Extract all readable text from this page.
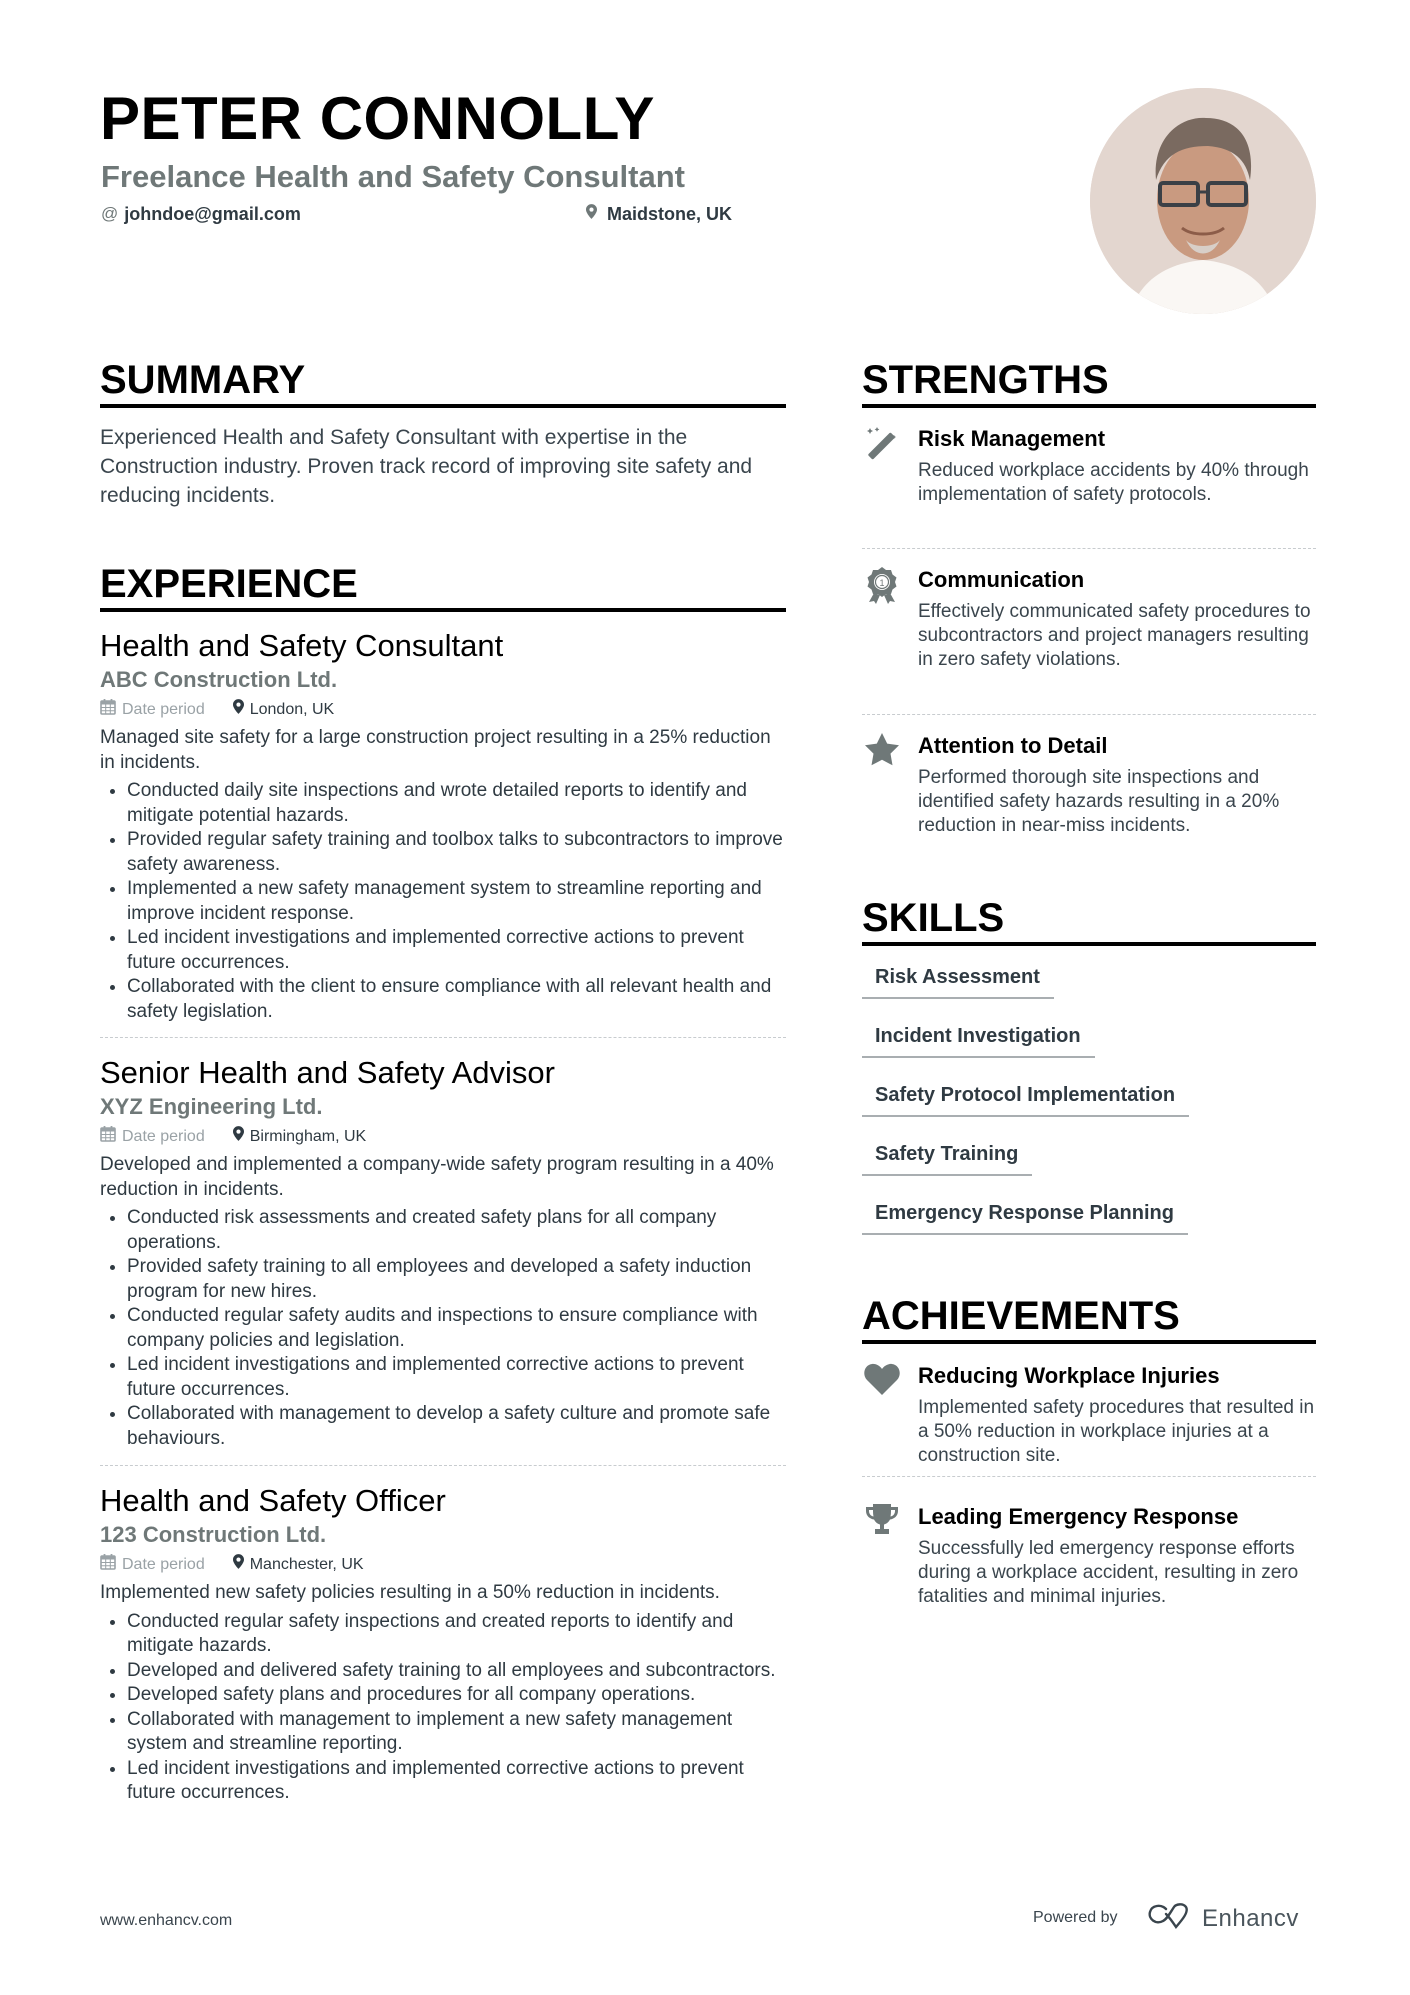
PETER CONNOLLY
Freelance Health and Safety Consultant
@ johndoe@gmail.com	Maidstone, UK
SUMMARY
Experienced Health and Safety Consultant with expertise in the Construction industry. Proven track record of improving site safety and reducing incidents.
EXPERIENCE
Health and Safety Consultant
ABC Construction Ltd.
Date period	London, UK
Managed site safety for a large construction project resulting in a 25% reduction in incidents.
• Conducted daily site inspections and wrote detailed reports to identify and mitigate potential hazards.
• Provided regular safety training and toolbox talks to subcontractors to improve safety awareness.
• Implemented a new safety management system to streamline reporting and improve incident response.
• Led incident investigations and implemented corrective actions to prevent future occurrences.
• Collaborated with the client to ensure compliance with all relevant health and safety legislation.
Senior Health and Safety Advisor
XYZ Engineering Ltd.
Date period	Birmingham, UK
Developed and implemented a company-wide safety program resulting in a 40% reduction in incidents.
• Conducted risk assessments and created safety plans for all company operations.
• Provided safety training to all employees and developed a safety induction program for new hires.
• Conducted regular safety audits and inspections to ensure compliance with company policies and legislation.
• Led incident investigations and implemented corrective actions to prevent future occurrences.
• Collaborated with management to develop a safety culture and promote safe behaviours.
Health and Safety Officer
123 Construction Ltd.
Date period	Manchester, UK
Implemented new safety policies resulting in a 50% reduction in incidents.
• Conducted regular safety inspections and created reports to identify and mitigate hazards.
• Developed and delivered safety training to all employees and subcontractors.
• Developed safety plans and procedures for all company operations.
• Collaborated with management to implement a new safety management system and streamline reporting.
• Led incident investigations and implemented corrective actions to prevent future occurrences.
STRENGTHS
Risk Management
Reduced workplace accidents by 40% through implementation of safety protocols.
1 Communication
Effectively communicated safety procedures to subcontractors and project managers resulting in zero safety violations.
Attention to Detail
Performed thorough site inspections and identified safety hazards resulting in a 20% reduction in near-miss incidents.
SKILLS
Risk Assessment
Incident Investigation
Safety Protocol Implementation
Safety Training
Emergency Response Planning
ACHIEVEMENTS
Reducing Workplace Injuries
Implemented safety procedures that resulted in a 50% reduction in workplace injuries at a construction site.
Leading Emergency Response
Successfully led emergency response efforts during a workplace accident, resulting in zero fatalities and minimal injuries.
www.enhancv.com	Powered by	Enhancv
